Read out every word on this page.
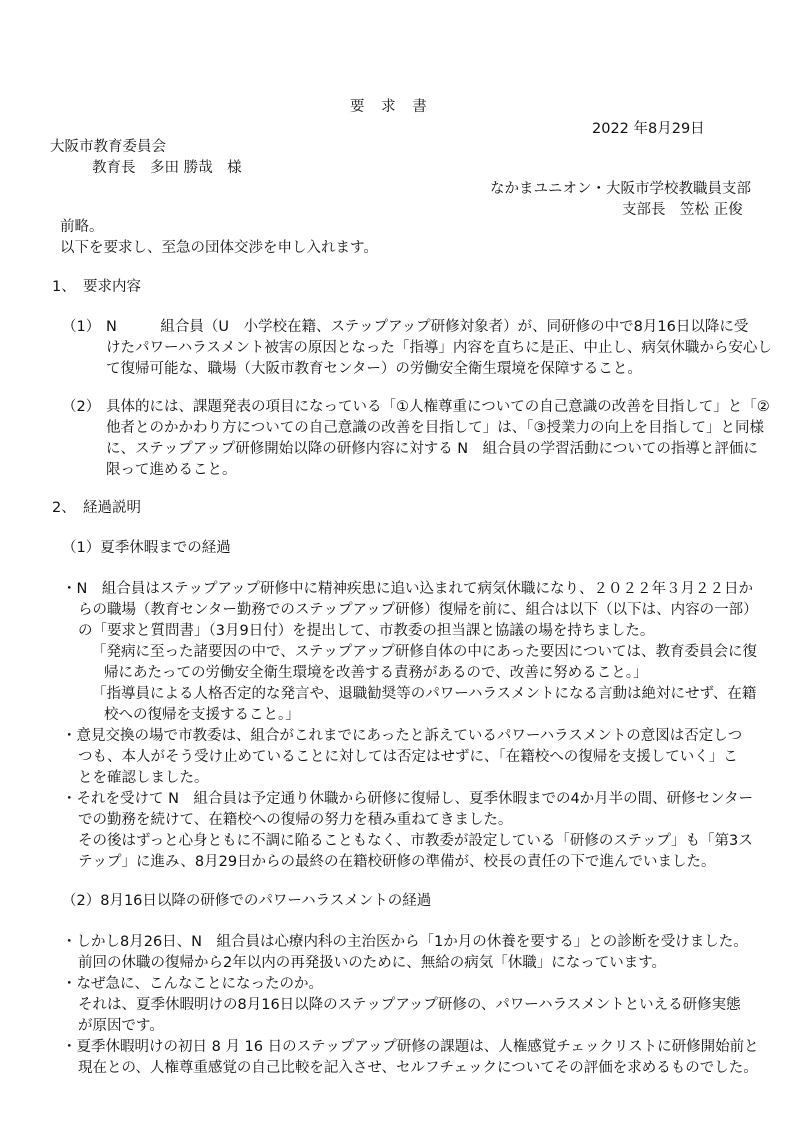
要 求 書

2022 年8月29日

大阪市教育委員会

教育長　多田 勝哉　様

なかまユニオン・大阪市学校教職員支部

支部長　笠松 正俊

前略。

以下を要求し、至急の団体交渉を申し入れます。

1、　要求内容

（1） N　　　組合員（U　小学校在籍、ステップアップ研修対象者）が、同研修の中で8月16日以降に受

けたパワーハラスメント被害の原因となった「指導」内容を直ちに是正、中止し、病気休職から安心し

て復帰可能な、職場（大阪市教育センター）の労働安全衛生環境を保障すること。

（2） 具体的には、課題発表の項目になっている「①人権尊重についての自己意識の改善を目指して」と「②

他者とのかかわり方についての自己意識の改善を目指して」は、「③授業力の向上を目指して」と同様

に、ステップアップ研修開始以降の研修内容に対する N　組合員の学習活動についての指導と評価に

限って進めること。

2、　経過説明

（1）夏季休暇までの経過

・N　組合員はステップアップ研修中に精神疾患に追い込まれて病気休職になり、２０２２年３月２２日か

らの職場（教育センター勤務でのステップアップ研修）復帰を前に、組合は以下（以下は、内容の一部）

の「要求と質問書」（3月9日付）を提出して、市教委の担当課と協議の場を持ちました。

「発病に至った諸要因の中で、ステップアップ研修自体の中にあった要因については、教育委員会に復

帰にあたっての労働安全衛生環境を改善する責務があるので、改善に努めること。」

「指導員による人格否定的な発言や、退職勧奨等のパワーハラスメントになる言動は絶対にせず、在籍

校への復帰を支援すること。」

・意見交換の場で市教委は、組合がこれまでにあったと訴えているパワーハラスメントの意図は否定しつ

つも、本人がそう受け止めていることに対しては否定はせずに、「在籍校への復帰を支援していく」こ

とを確認しました。

・それを受けて N　組合員は予定通り休職から研修に復帰し、夏季休暇までの4か月半の間、研修センター

での勤務を続けて、在籍校への復帰の努力を積み重ねてきました。

その後はずっと心身ともに不調に陥ることもなく、市教委が設定している「研修のステップ」も「第3ス

テップ」に進み、8月29日からの最終の在籍校研修の準備が、校長の責任の下で進んでいました。

（2）8月16日以降の研修でのパワーハラスメントの経過

・しかし8月26日、N　組合員は心療内科の主治医から「1か月の休養を要する」との診断を受けました。

前回の休職の復帰から2年以内の再発扱いのために、無給の病気「休職」になっています。

・なぜ急に、こんなことになったのか。

それは、夏季休暇明けの8月16日以降のステップアップ研修の、パワーハラスメントといえる研修実態

が原因です。

・夏季休暇明けの初日 8 月 16 日のステップアップ研修の課題は、人権感覚チェックリストに研修開始前と

現在との、人権尊重感覚の自己比較を記入させ、セルフチェックについてその評価を求めるものでした。
